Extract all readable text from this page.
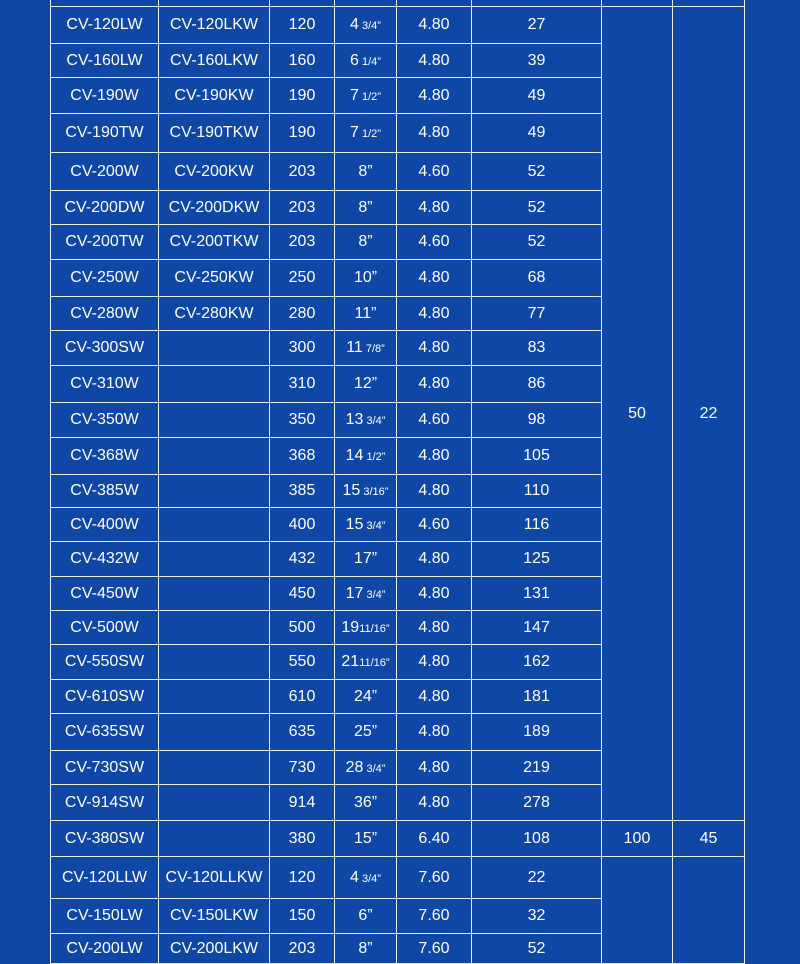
CV-120LW	CV-120LKW	120	4 3/4”	4.80	27	50	22
CV-160LW	CV-160LKW	160	6 1/4”	4.80	39		
CV-190W	CV-190KW	190	7 1/2”	4.80	49		
CV-190TW	CV-190TKW	190	7 1/2”	4.80	49		
CV-200W	CV-200KW	203	8”	4.60	52		
CV-200DW	CV-200DKW	203	8”	4.80	52		
CV-200TW	CV-200TKW	203	8”	4.60	52		
CV-250W	CV-250KW	250	10”	4.80	68		
CV-280W	CV-280KW	280	11”	4.80	77		
CV-300SW		300	11 7/8”	4.80	83		
CV-310W		310	12”	4.80	86		
CV-350W		350	13 3/4”	4.60	98		
CV-368W		368	14 1/2”	4.80	105		
CV-385W		385	15 3/16”	4.80	110		
CV-400W		400	15 3/4”	4.60	116		
CV-432W		432	17”	4.80	125		
CV-450W		450	17 3/4”	4.80	131		
CV-500W		500	1911/16”	4.80	147		
CV-550SW		550	2111/16”	4.80	162		
CV-610SW		610	24”	4.80	181		
CV-635SW		635	25”	4.80	189		
CV-730SW		730	28 3/4”	4.80	219		
CV-914SW		914	36”	4.80	278		
CV-380SW		380	15”	6.40	108	100	45
CV-120LLW	CV-120LLKW	120	4 3/4”	7.60	22		
CV-150LW	CV-150LKW	150	6”	7.60	32		
CV-200LW	CV-200LKW	203	8”	7.60	52		
